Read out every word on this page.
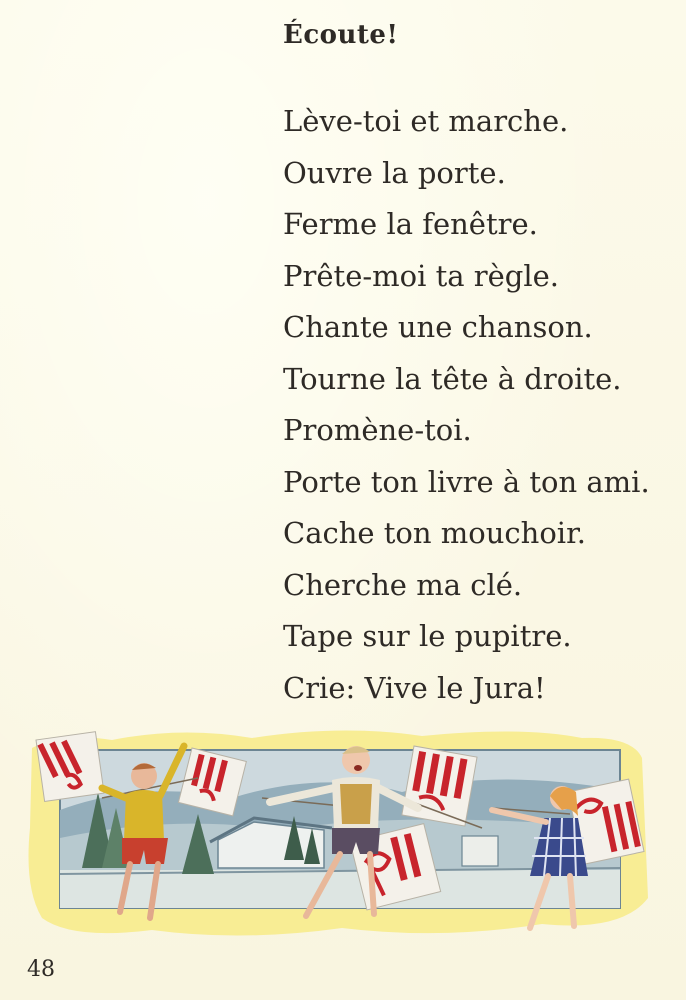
Écoute!
Lève-toi et marche.
Ouvre la porte.
Ferme la fenêtre.
Prête-moi ta règle.
Chante une chanson.
Tourne la tête à droite.
Promène-toi.
Porte ton livre à ton ami.
Cache ton mouchoir.
Cherche ma clé.
Tape sur le pupitre.
Crie: Vive le Jura!

48
